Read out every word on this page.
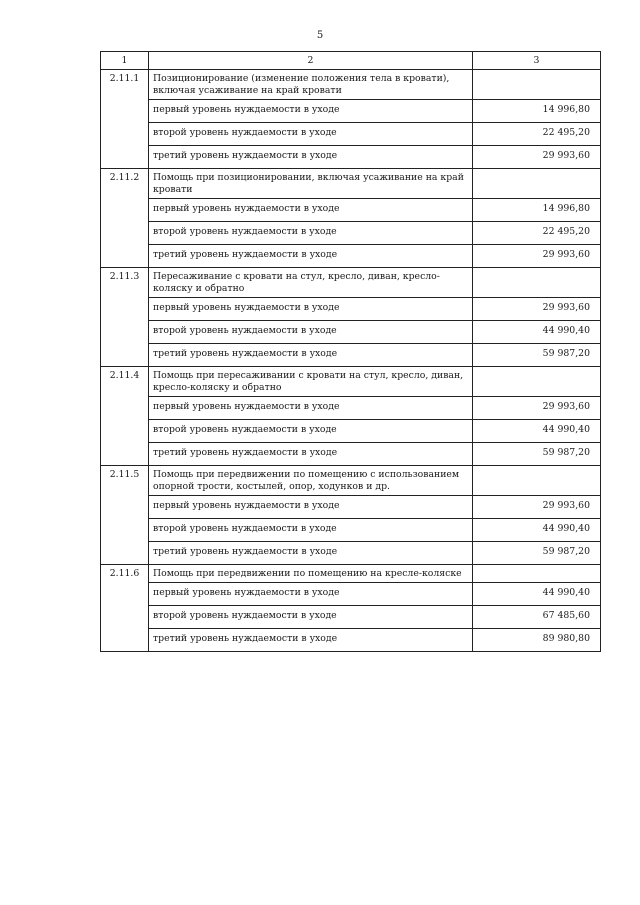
5
1	2	3
2.11.1	Позиционирование (изменение положения тела в кровати), включая усаживание на край кровати	
	первый уровень нуждаемости в уходе	14 996,80
	второй уровень нуждаемости в уходе	22 495,20
	третий уровень нуждаемости в уходе	29 993,60
2.11.2	Помощь при позиционировании, включая усаживание на край кровати	
	первый уровень нуждаемости в уходе	14 996,80
	второй уровень нуждаемости в уходе	22 495,20
	третий уровень нуждаемости в уходе	29 993,60
2.11.3	Пересаживание с кровати на стул, кресло, диван, кресло-коляску и обратно	
	первый уровень нуждаемости в уходе	29 993,60
	второй уровень нуждаемости в уходе	44 990,40
	третий уровень нуждаемости в уходе	59 987,20
2.11.4	Помощь при пересаживании с кровати на стул, кресло, диван, кресло-коляску и обратно	
	первый уровень нуждаемости в уходе	29 993,60
	второй уровень нуждаемости в уходе	44 990,40
	третий уровень нуждаемости в уходе	59 987,20
2.11.5	Помощь при передвижении по помещению с использованием опорной трости, костылей, опор, ходунков и др.	
	первый уровень нуждаемости в уходе	29 993,60
	второй уровень нуждаемости в уходе	44 990,40
	третий уровень нуждаемости в уходе	59 987,20
2.11.6	Помощь при передвижении по помещению на кресле-коляске	
	первый уровень нуждаемости в уходе	44 990,40
	второй уровень нуждаемости в уходе	67 485,60
	третий уровень нуждаемости в уходе	89 980,80
